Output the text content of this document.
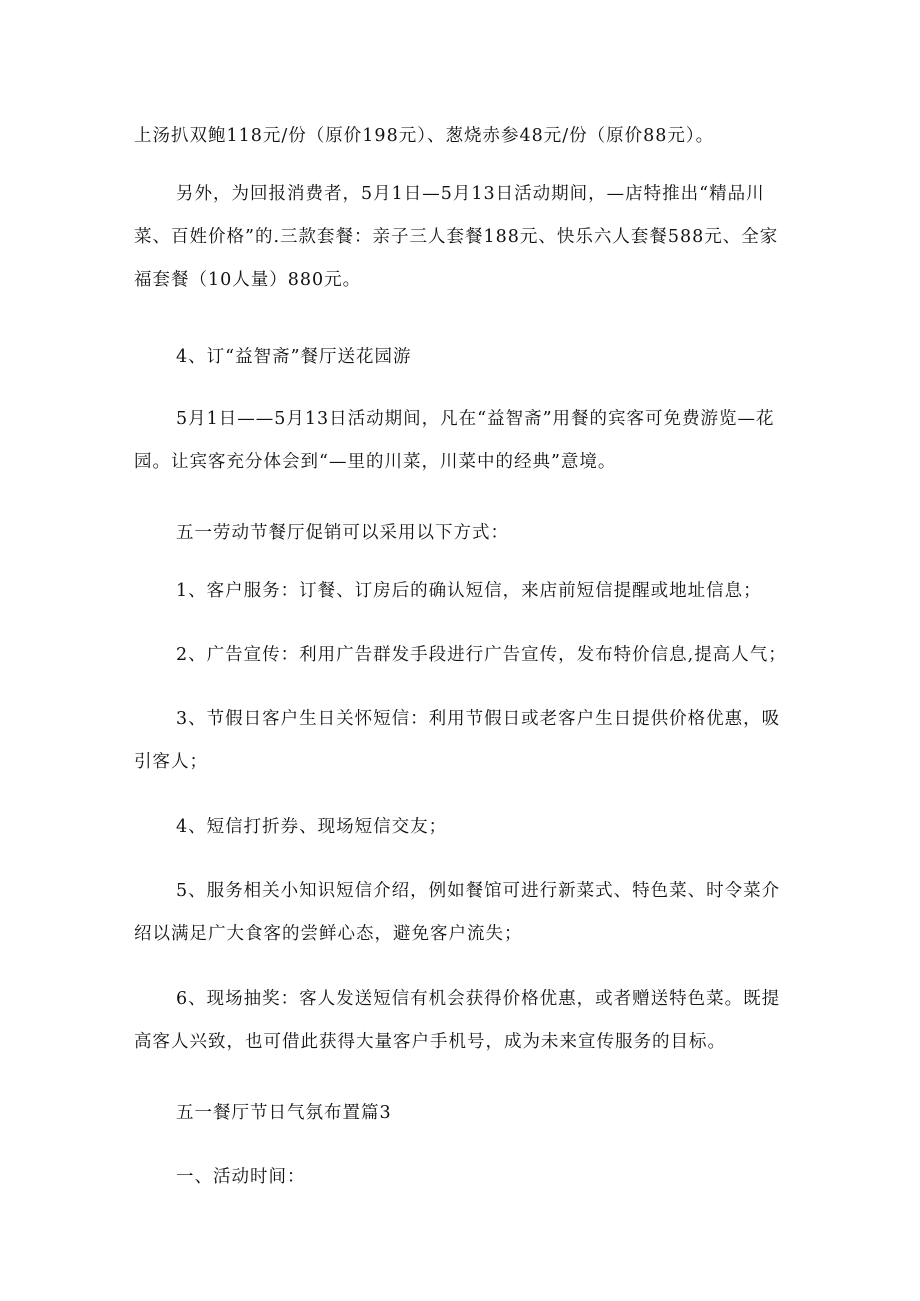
上汤扒双鲍118元/份（原价198元）、葱烧赤参48元/份（原价88元）。

另外，为回报消费者，5月1日—5月13日活动期间，—店特推出“精品川
菜、百姓价格”的.三款套餐：亲子三人套餐188元、快乐六人套餐588元、全家
福套餐（10人量）880元。

4、订“益智斋”餐厅送花园游

5月1日——5月13日活动期间，凡在“益智斋”用餐的宾客可免费游览—花
园。让宾客充分体会到“—里的川菜，川菜中的经典”意境。

五一劳动节餐厅促销可以采用以下方式：

1、客户服务：订餐、订房后的确认短信，来店前短信提醒或地址信息；

2、广告宣传：利用广告群发手段进行广告宣传，发布特价信息,提高人气；

3、节假日客户生日关怀短信：利用节假日或老客户生日提供价格优惠，吸
引客人；

4、短信打折券、现场短信交友；

5、服务相关小知识短信介绍，例如餐馆可进行新菜式、特色菜、时令菜介
绍以满足广大食客的尝鲜心态，避免客户流失；

6、现场抽奖：客人发送短信有机会获得价格优惠，或者赠送特色菜。既提
高客人兴致，也可借此获得大量客户手机号，成为未来宣传服务的目标。

五一餐厅节日气氛布置篇3

一、活动时间：
